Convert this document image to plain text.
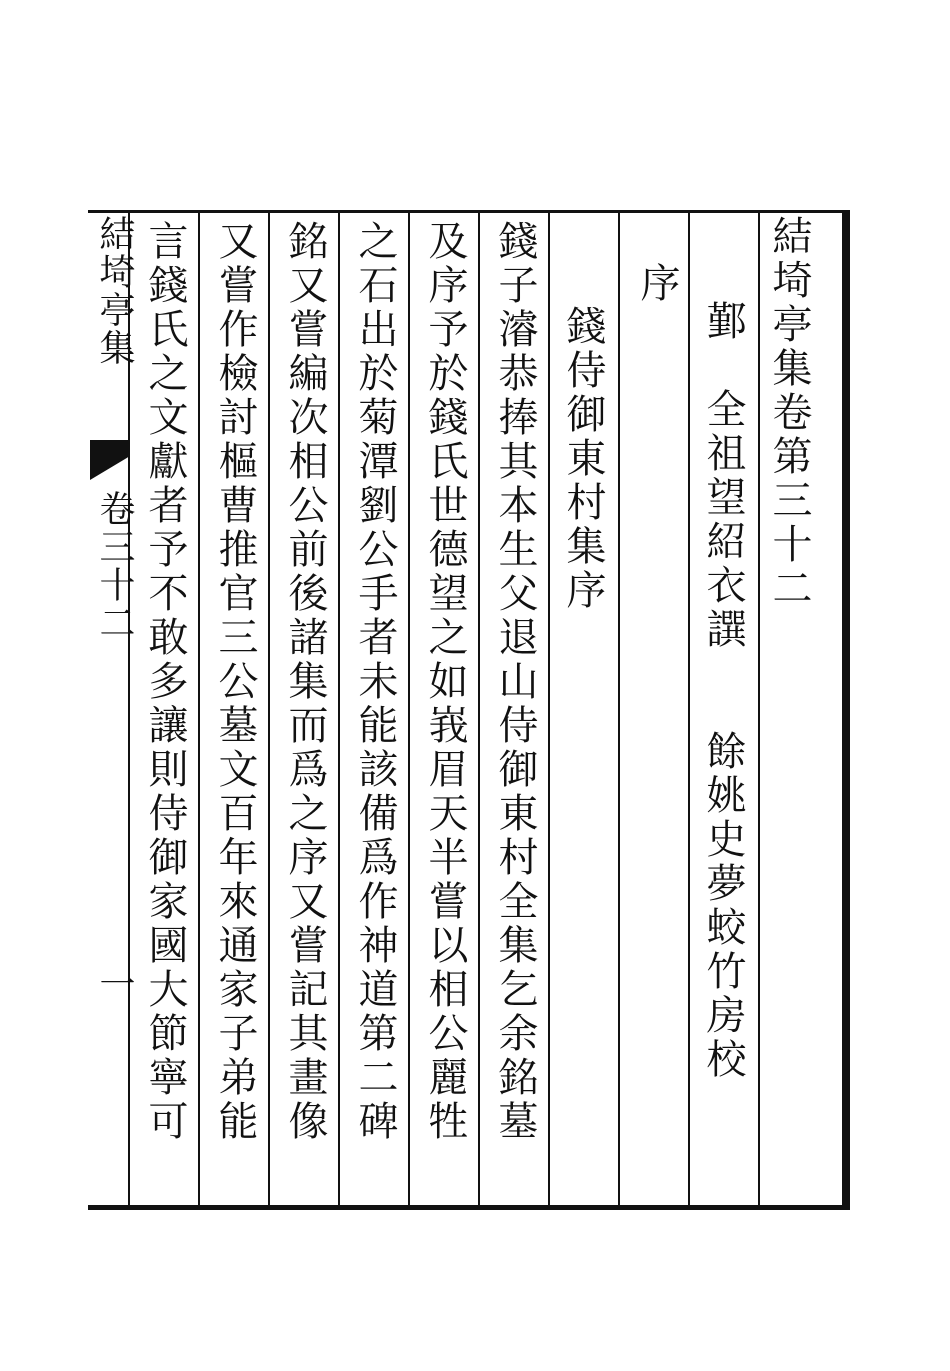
結埼亭集卷第三十二
鄞　全祖望紹衣譔
餘姚史夢蛟竹房校
序
錢侍御東村集序
錢子濬恭捧其本生父退山侍御東村全集乞余銘墓
及序予於錢氏世德望之如峩眉天半嘗以相公麗牲
之石出於菊潭劉公手者未能該備爲作神道第二碑
銘又嘗編次相公前後諸集而爲之序又嘗記其畫像
又嘗作檢討樞曹推官三公墓文百年來通家子弟能
言錢氏之文獻者予不敢多讓則侍御家國大節寧可
結埼亭集
卷三十二
一
